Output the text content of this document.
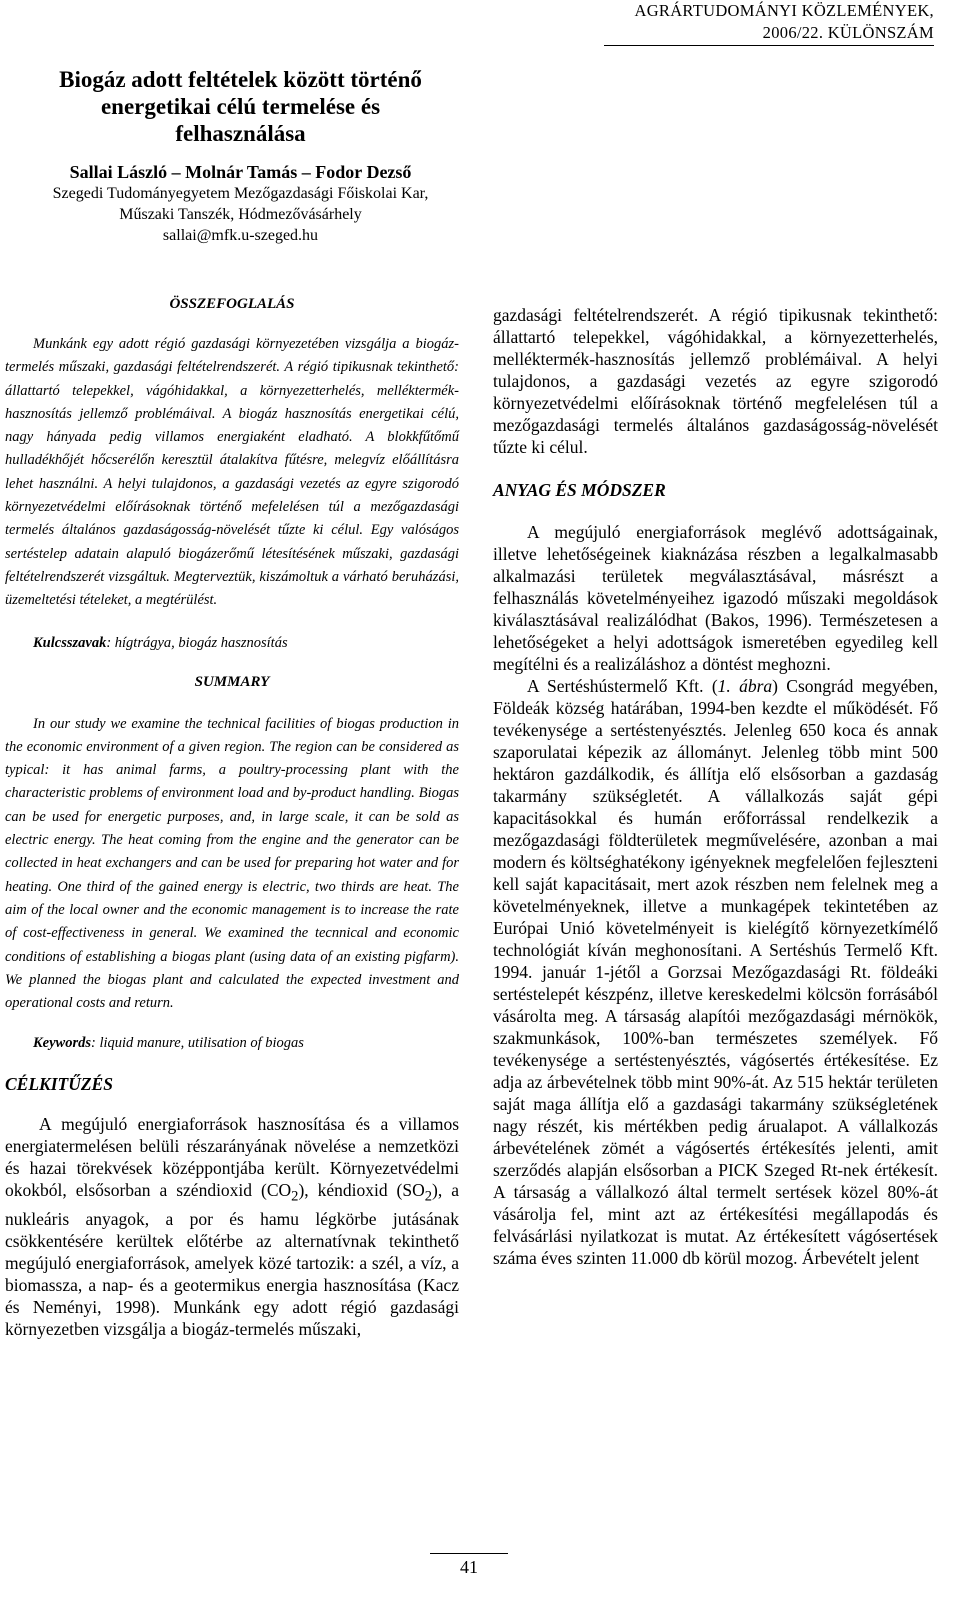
AGRÁRTUDOMÁNYI KÖZLEMÉNYEK, 2006/22. KÜLÖNSZÁM
Biogáz adott feltételek között történő energetikai célú termelése és felhasználása

Sallai László – Molnár Tamás – Fodor Dezső

Szegedi Tudományegyetem Mezőgazdasági Főiskolai Kar,

Műszaki Tanszék, Hódmezővásárhely

sallai@mfk.u-szeged.hu

ÖSSZEFOGLALÁS

Munkánk egy adott régió gazdasági környezetében vizsgálja a biogáz-termelés műszaki, gazdasági feltételrendszerét. A régió tipikusnak tekinthető: állattartó telepekkel, vágóhidakkal, a környezetterhelés, melléktermék-hasznosítás jellemző problémáival. A biogáz hasznosítás energetikai célú, nagy hányada pedig villamos energiaként eladható. A blokkfűtőmű hulladékhőjét hőcserélőn keresztül átalakítva fűtésre, melegvíz előállításra lehet használni. A helyi tulajdonos, a gazdasági vezetés az egyre szigorodó környezetvédelmi előírásoknak történő mefelelésen túl a mezőgazdasági termelés általános gazdaságosság-növelését tűzte ki célul. Egy valóságos sertéstelep adatain alapuló biogázerőmű létesítésének műszaki, gazdasági feltételrendszerét vizsgáltuk. Megterveztük, kiszámoltuk a várható beruházási, üzemeltetési tételeket, a megtérülést.

Kulcsszavak: hígtrágya, biogáz hasznosítás

SUMMARY

In our study we examine the technical facilities of biogas production in the economic environment of a given region. The region can be considered as typical: it has animal farms, a poultry-processing plant with the characteristic problems of environment load and by-product handling. Biogas can be used for energetic purposes, and, in large scale, it can be sold as electric energy. The heat coming from the engine and the generator can be collected in heat exchangers and can be used for preparing hot water and for heating. One third of the gained energy is electric, two thirds are heat. The aim of the local owner and the economic management is to increase the rate of cost-effectiveness in general. We examined the tecnnical and economic conditions of establishing a biogas plant (using data of an existing pigfarm). We planned the biogas plant and calculated the expected investment and operational costs and return.

Keywords: liquid manure, utilisation of biogas

CÉLKITŰZÉS

A megújuló energiaforrások hasznosítása és a villamos energiatermelésen belüli részarányának növelése a nemzetközi és hazai törekvések középpontjába került. Környezetvédelmi okokból, elsősorban a széndioxid $(CO_2)$, kéndioxid $(SO_2)$, a nukleáris anyagok, a por és hamu légkörbe jutásának csökkentésére kerültek előtérbe az alternatívnak tekinthető megújuló energiaforrások, amelyek közé tartozik: a szél, a víz, a biomassza, a nap- és a geotermikus energia hasznosítása (Kacz és Neményi, 1998). Munkánk egy adott régió gazdasági környezetben vizsgálja a biogáz-termelés műszaki,

gazdasági feltételrendszerét. A régió tipikusnak tekinthető: állattartó telepekkel, vágóhidakkal, a környezetterhelés, melléktermék-hasznosítás jellemző problémáival. A helyi tulajdonos, a gazdasági vezetés az egyre szigorodó környezetvédelmi előírásoknak történő megfelelésen túl a mezőgazdasági termelés általános gazdaságosság-növelését tűzte ki célul.

ANYAG ÉS MÓDSZER

A megújuló energiaforrások meglévő adottságainak, illetve lehetőségeinek kiaknázása részben a legalkalmasabb alkalmazási területek megválasztásával, másrészt a felhasználás követelményeihez igazodó műszaki megoldások kiválasztásával realizálódhat (Bakos, 1996). Természetesen a lehetőségeket a helyi adottságok ismeretében egyedileg kell megítélni és a realizáláshoz a döntést meghozni.

A Sertéshústermelő Kft. (1. ábra) Csongrád megyében, Földeák község határában, 1994-ben kezdte el működését. Fő tevékenysége a sertéstenyésztés. Jelenleg 650 koca és annak szaporulatai képezik az állományt. Jelenleg több mint 500 hektáron gazdálkodik, és állítja elő elsősorban a gazdaság takarmány szükségletét. A vállalkozás saját gépi kapacitásokkal és humán erőforrással rendelkezik a mezőgazdasági földterületek megművelésére, azonban a mai modern és költséghatékony igényeknek megfelelően fejleszteni kell saját kapacitásait, mert azok részben nem felelnek meg a követelményeknek, illetve a munkagépek tekintetében az Európai Unió követelményeit is kielégítő környezetkímélő technológiát kíván meghonosítani. A Sertéshús Termelő Kft. 1994. január 1-jétől a Gorzsai Mezőgazdasági Rt. földeáki sertéstelepét készpénz, illetve kereskedelmi kölcsön forrásából vásárolta meg. A társaság alapítói mezőgazdasági mérnökök, szakmunkások, 100%-ban természetes személyek. Fő tevékenysége a sertéstenyésztés, vágósertés értékesítése. Ez adja az árbevételnek több mint 90%-át. Az 515 hektár területen saját maga állítja elő a gazdasági takarmány szükségletének nagy részét, kis mértékben pedig árualapot. A vállalkozás árbevételének zömét a vágósertés értékesítés jelenti, amit szerződés alapján elsősorban a PICK Szeged Rt-nek értékesít. A társaság a vállalkozó által termelt sertések közel 80%-át vásárolja fel, mint azt az értékesítési megállapodás és felvásárlási nyilatkozat is mutat. Az értékesített vágósertések száma éves szinten 11.000 db körül mozog. Árbevételt jelent

41
